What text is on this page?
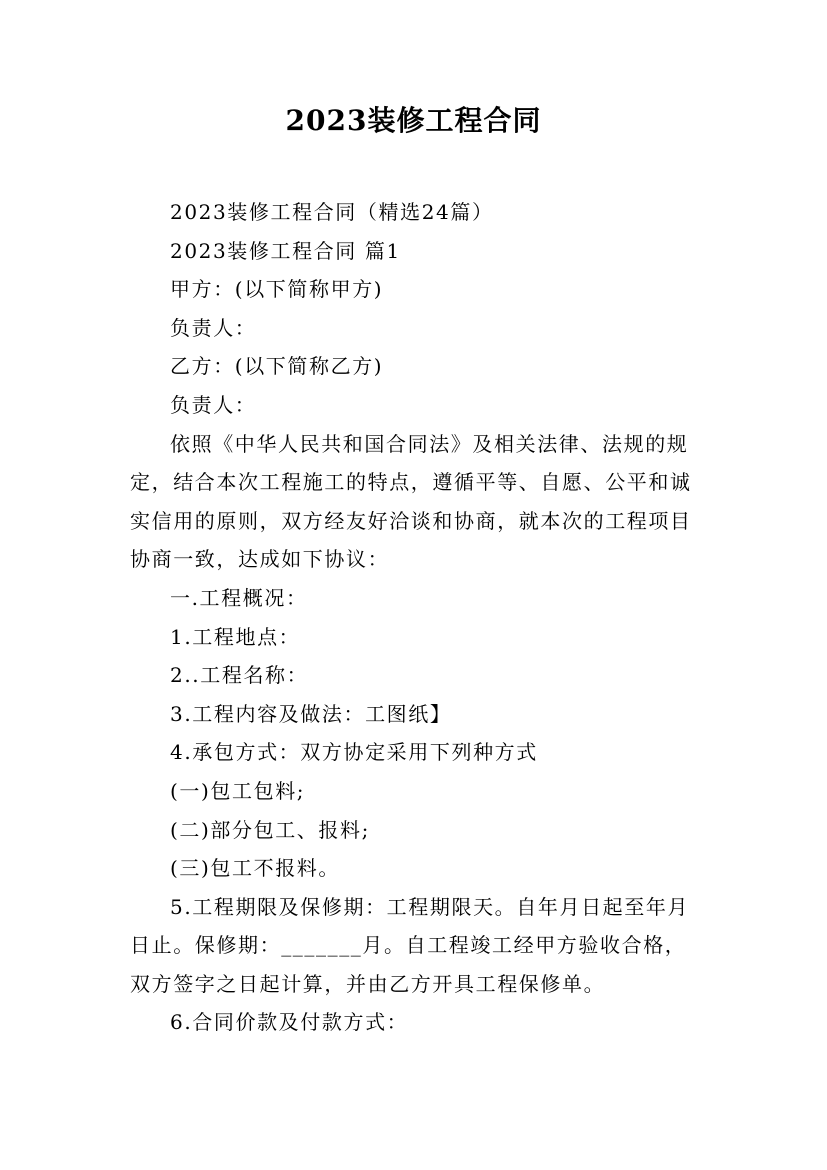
2023装修工程合同
2023装修工程合同（精选24篇）
2023装修工程合同 篇1
甲方：(以下简称甲方)
负责人：
乙方：(以下简称乙方)
负责人：
依照《中华人民共和国合同法》及相关法律、法规的规
定，结合本次工程施工的特点，遵循平等、自愿、公平和诚
实信用的原则，双方经友好洽谈和协商，就本次的工程项目
协商一致，达成如下协议：
一.工程概况：
1.工程地点：
2..工程名称：
3.工程内容及做法：工图纸】
4.承包方式：双方协定采用下列种方式
(一)包工包料;
(二)部分包工、报料;
(三)包工不报料。
5.工程期限及保修期：工程期限天。自年月日起至年月
日止。保修期：_______月。自工程竣工经甲方验收合格，
双方签字之日起计算，并由乙方开具工程保修单。
6.合同价款及付款方式：
